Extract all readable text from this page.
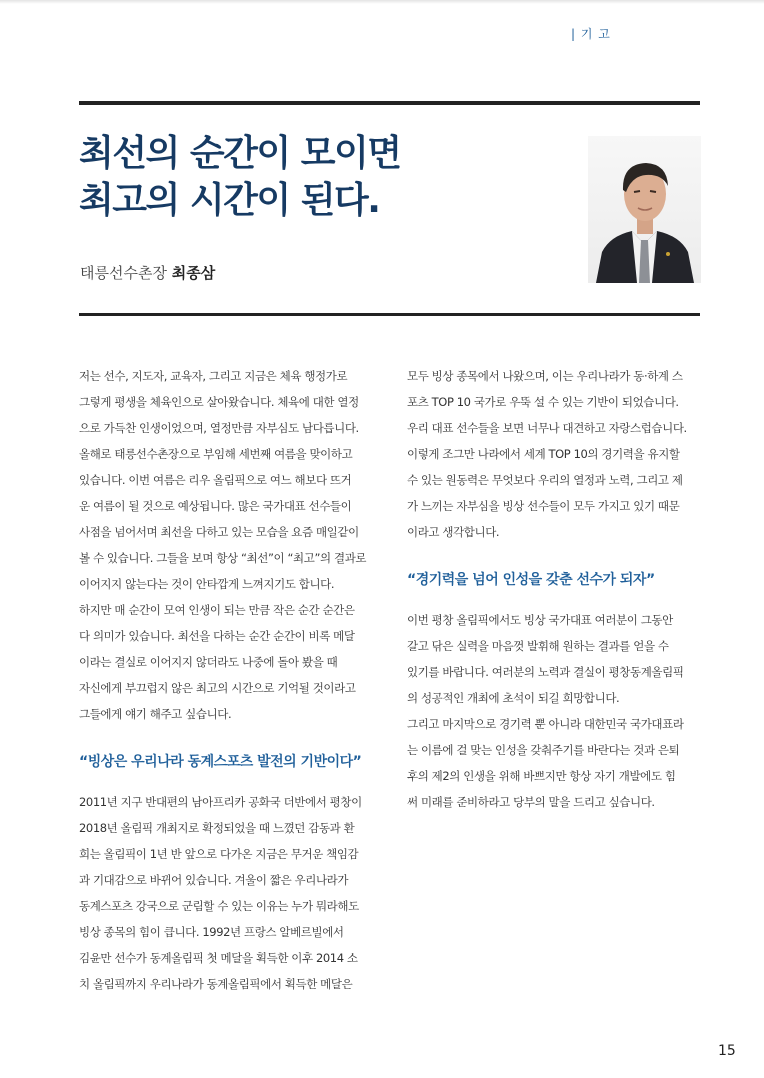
| 기 고
최선의 순간이 모이면
최고의 시간이 된다.
태릉선수촌장 최종삼
저는 선수, 지도자, 교육자, 그리고 지금은 체육 행정가로
그렇게 평생을 체육인으로 살아왔습니다. 체육에 대한 열정
으로 가득찬 인생이었으며, 열정만큼 자부심도 남다릅니다.
올해로 태릉선수촌장으로 부임해 세번째 여름을 맞이하고
있습니다. 이번 여름은 리우 올림픽으로 여느 해보다 뜨거
운 여름이 될 것으로 예상됩니다. 많은 국가대표 선수들이
사점을 넘어서며 최선을 다하고 있는 모습을 요즘 매일같이
볼 수 있습니다. 그들을 보며 항상 “최선”이 “최고”의 결과로
이어지지 않는다는 것이 안타깝게 느껴지기도 합니다.
하지만 매 순간이 모여 인생이 되는 만큼 작은 순간 순간은
다 의미가 있습니다. 최선을 다하는 순간 순간이 비록 메달
이라는 결실로 이어지지 않더라도 나중에 돌아 봤을 때
자신에게 부끄럽지 않은 최고의 시간으로 기억될 것이라고
그들에게 얘기 해주고 싶습니다.
“빙상은 우리나라 동계스포츠 발전의 기반이다”
2011년 지구 반대편의 남아프리카 공화국 더반에서 평창이
2018년 올림픽 개최지로 확정되었을 때 느꼈던 감동과 환
희는 올림픽이 1년 반 앞으로 다가온 지금은 무거운 책임감
과 기대감으로 바뀌어 있습니다. 겨울이 짧은 우리나라가
동계스포츠 강국으로 군림할 수 있는 이유는 누가 뭐라해도
빙상 종목의 힘이 큽니다. 1992년 프랑스 알베르빌에서
김윤만 선수가 동계올림픽 첫 메달을 획득한 이후 2014 소
치 올림픽까지 우리나라가 동계올림픽에서 획득한 메달은
모두 빙상 종목에서 나왔으며, 이는 우리나라가 동·하계 스
포츠 TOP 10 국가로 우뚝 설 수 있는 기반이 되었습니다.
우리 대표 선수들을 보면 너무나 대견하고 자랑스럽습니다.
이렇게 조그만 나라에서 세계 TOP 10의 경기력을 유지할
수 있는 원동력은 무엇보다 우리의 열정과 노력, 그리고 제
가 느끼는 자부심을 빙상 선수들이 모두 가지고 있기 때문
이라고 생각합니다.
“경기력을 넘어 인성을 갖춘 선수가 되자”
이번 평창 올림픽에서도 빙상 국가대표 여러분이 그동안
갈고 닦은 실력을 마음껏 발휘해 원하는 결과를 얻을 수
있기를 바랍니다. 여러분의 노력과 결실이 평창동계올림픽
의 성공적인 개최에 초석이 되길 희망합니다.
그리고 마지막으로 경기력 뿐 아니라 대한민국 국가대표라
는 이름에 걸 맞는 인성을 갖춰주기를 바란다는 것과 은퇴
후의 제2의 인생을 위해 바쁘지만 항상 자기 개발에도 힘
써 미래를 준비하라고 당부의 말을 드리고 싶습니다.
15
